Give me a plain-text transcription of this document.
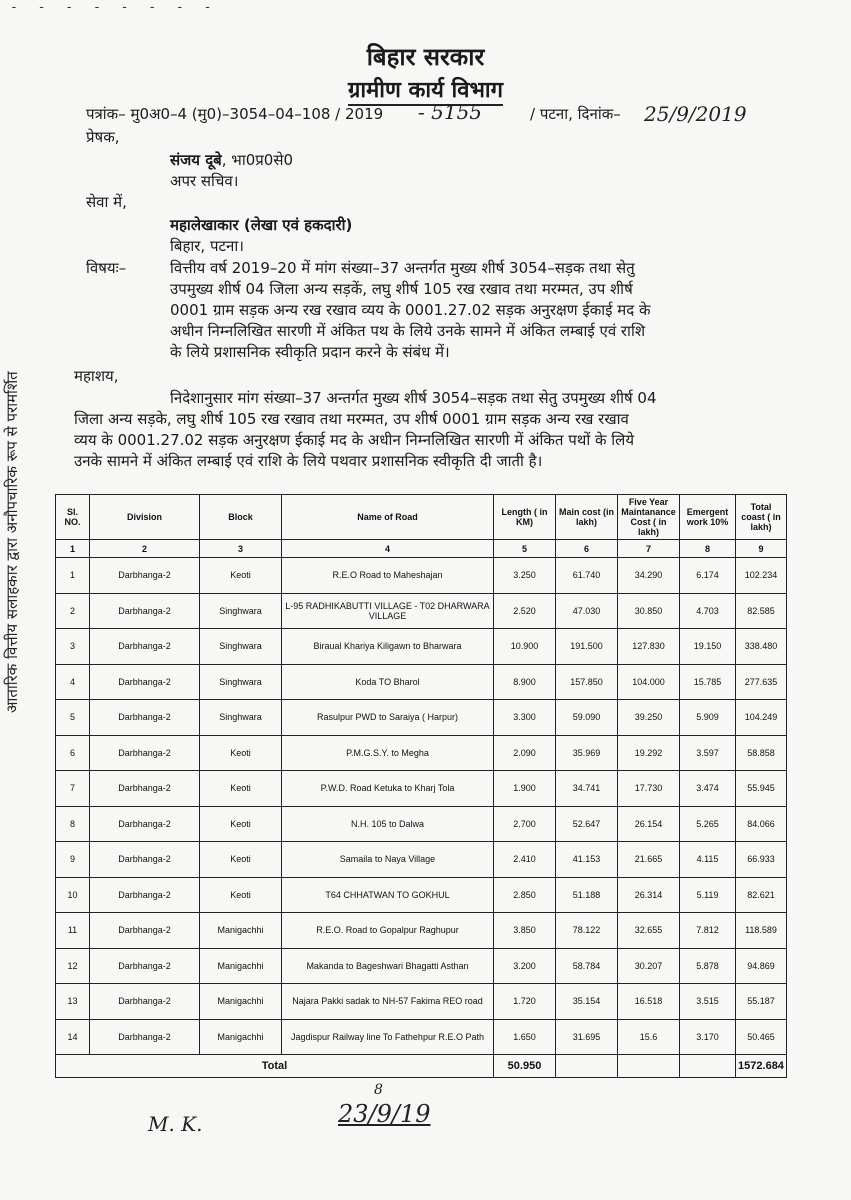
- - - - - - - -
आतारिक वित्तीय सलाहकार द्वारा अनौपचारिक रूप से परामर्शित
बिहार सरकार
ग्रामीण कार्य विभाग
पत्रांक– मु0अ0–4 (मु0)–3054–04–108 / 2019 - 5155	/ पटना, दिनांक– 25/9/2019
प्रेषक,
संजय दूबे, भा0प्र0से0
अपर सचिव।
सेवा में,
महालेखाकार (लेखा एवं हकदारी)
बिहार, पटना।
विषयः–	वित्तीय वर्ष 2019–20 में मांग संख्या–37 अन्तर्गत मुख्य शीर्ष 3054–सड़क तथा सेतु
उपमुख्य शीर्ष 04 जिला अन्य सड़कें, लघु शीर्ष 105 रख रखाव तथा मरम्मत, उप शीर्ष
0001 ग्राम सड़क अन्य रख रखाव व्यय के 0001.27.02 सड़क अनुरक्षण ईकाई मद के
अधीन निम्नलिखित सारणी में अंकित पथ के लिये उनके सामने में अंकित लम्बाई एवं राशि
के लिये प्रशासनिक स्वीकृति प्रदान करने के संबंध में।
महाशय,
निदेशानुसार मांग संख्या–37 अन्तर्गत मुख्य शीर्ष 3054–सड़क तथा सेतु उपमुख्य शीर्ष 04
जिला अन्य सड़के, लघु शीर्ष 105 रख रखाव तथा मरम्मत, उप शीर्ष 0001 ग्राम सड़क अन्य रख रखाव
व्यय के 0001.27.02 सड़क अनुरक्षण ईकाई मद के अधीन निम्नलिखित सारणी में अंकित पथों के लिये
उनके सामने में अंकित लम्बाई एवं राशि के लिये पथवार प्रशासनिक स्वीकृति दी जाती है।
Sl. NO.	Division	Block	Name of Road	Length ( in KM)	Main cost (in lakh)	Five Year Maintanance Cost ( in lakh)	Emergent work 10%	Total coast ( in lakh)
1	2	3	4	5	6	7	8	9
1	Darbhanga-2	Keoti	R.E.O Road to Maheshajan	3.250	61.740	34.290	6.174	102.234
2	Darbhanga-2	Singhwara	L-95 RADHIKABUTTI VILLAGE - T02 DHARWARA VILLAGE	2.520	47.030	30.850	4.703	82.585
3	Darbhanga-2	Singhwara	Biraual Khariya Kiligawn to Bharwara	10.900	191.500	127.830	19.150	338.480
4	Darbhanga-2	Singhwara	Koda TO Bharol	8.900	157.850	104.000	15.785	277.635
5	Darbhanga-2	Singhwara	Rasulpur PWD to Saraiya ( Harpur)	3.300	59.090	39.250	5.909	104.249
6	Darbhanga-2	Keoti	P.M.G.S.Y. to Megha	2.090	35.969	19.292	3.597	58.858
7	Darbhanga-2	Keoti	P.W.D. Road Ketuka to Kharj Tola	1.900	34.741	17.730	3.474	55.945
8	Darbhanga-2	Keoti	N.H. 105 to Dalwa	2.700	52.647	26.154	5.265	84.066
9	Darbhanga-2	Keoti	Samaila to Naya Village	2.410	41.153	21.665	4.115	66.933
10	Darbhanga-2	Keoti	T64 CHHATWAN TO GOKHUL	2.850	51.188	26.314	5.119	82.621
11	Darbhanga-2	Manigachhi	R.E.O. Road to Gopalpur Raghupur	3.850	78.122	32.655	7.812	118.589
12	Darbhanga-2	Manigachhi	Makanda to Bageshwari Bhagatti Asthan	3.200	58.784	30.207	5.878	94.869
13	Darbhanga-2	Manigachhi	Najara Pakki sadak to NH-57 Fakima REO road	1.720	35.154	16.518	3.515	55.187
14	Darbhanga-2	Manigachhi	Jagdispur Railway line To Fathehpur R.E.O Path	1.650	31.695	15.6	3.170	50.465
Total				50.950				1572.684
M. K.
8
23/9/19
